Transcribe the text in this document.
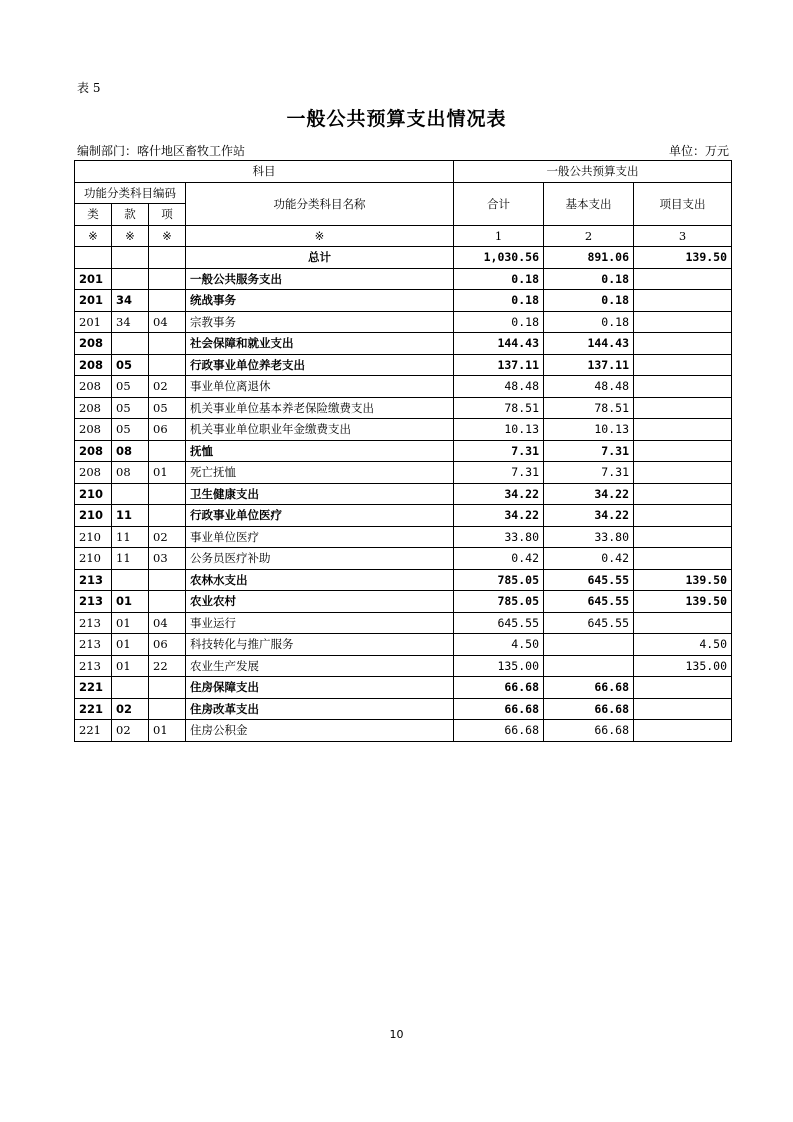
表 5
一般公共预算支出情况表
编制部门：喀什地区畜牧工作站	单位：万元
科目				一般公共预算支出		
功能分类科目编码			功能分类科目名称	合计	基本支出	项目支出
类	款	项				
※	※	※	※	1	2	3
			总计	1,030.56	891.06	139.50
201			一般公共服务支出	0.18	0.18	
201	34		统战事务	0.18	0.18	
201	34	04	宗教事务	0.18	0.18	
208			社会保障和就业支出	144.43	144.43	
208	05		行政事业单位养老支出	137.11	137.11	
208	05	02	事业单位离退休	48.48	48.48	
208	05	05	机关事业单位基本养老保险缴费支出	78.51	78.51	
208	05	06	机关事业单位职业年金缴费支出	10.13	10.13	
208	08		抚恤	7.31	7.31	
208	08	01	死亡抚恤	7.31	7.31	
210			卫生健康支出	34.22	34.22	
210	11		行政事业单位医疗	34.22	34.22	
210	11	02	事业单位医疗	33.80	33.80	
210	11	03	公务员医疗补助	0.42	0.42	
213			农林水支出	785.05	645.55	139.50
213	01		农业农村	785.05	645.55	139.50
213	01	04	事业运行	645.55	645.55	
213	01	06	科技转化与推广服务	4.50		4.50
213	01	22	农业生产发展	135.00		135.00
221			住房保障支出	66.68	66.68	
221	02		住房改革支出	66.68	66.68	
221	02	01	住房公积金	66.68	66.68	
10
